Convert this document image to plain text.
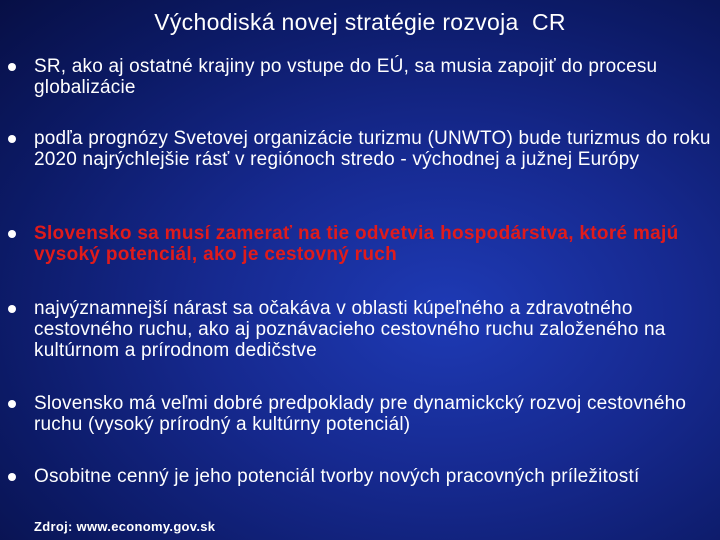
Východiská novej stratégie rozvoja  CR
SR, ako aj ostatné krajiny po vstupe do EÚ, sa musia zapojiť do procesu globalizácie
podľa prognózy Svetovej organizácie turizmu (UNWTO) bude turizmus do roku 2020 najrýchlejšie rásť v regiónoch stredo - východnej a južnej Európy
Slovensko sa musí zamerať na tie odvetvia hospodárstva, ktoré majú vysoký potenciál, ako je cestovný ruch
najvýznamnejší nárast sa očakáva v oblasti kúpeľného a zdravotného cestovného ruchu, ako aj poznávacieho cestovného ruchu založeného na kultúrnom a prírodnom dedičstve
Slovensko má veľmi dobré predpoklady pre dynamickcký rozvoj cestovného ruchu (vysoký prírodný a kultúrny potenciál)
Osobitne cenný je jeho potenciál tvorby nových pracovných príležitostí
Zdroj: www.economy.gov.sk
